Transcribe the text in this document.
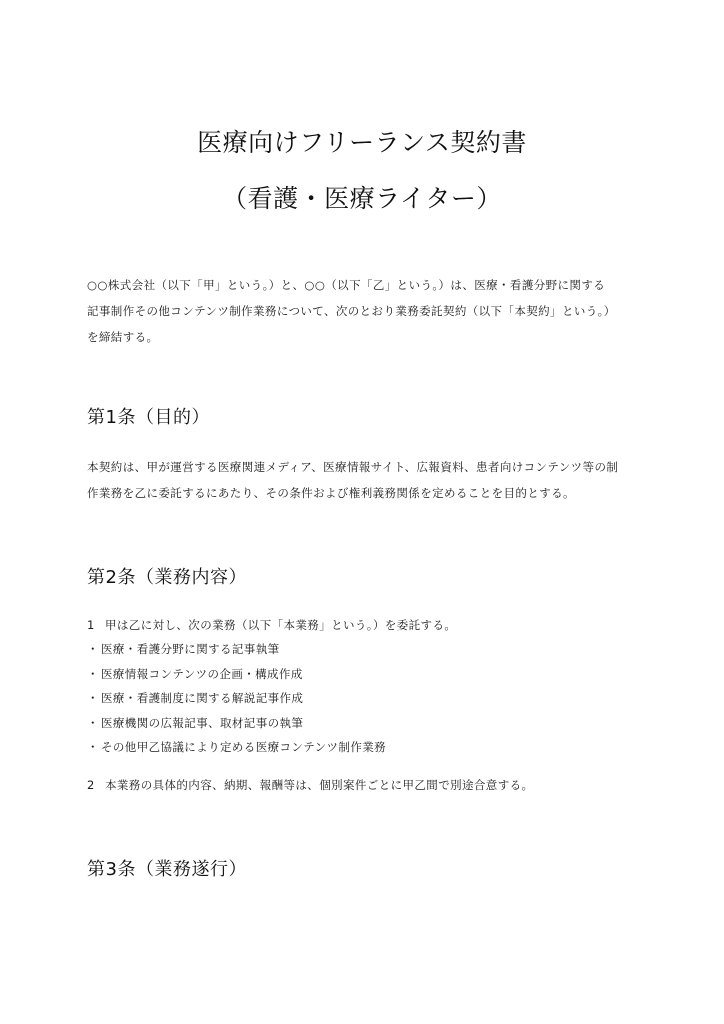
医療向けフリーランス契約書
（看護・医療ライター）
○○株式会社（以下「甲」という。）と、○○（以下「乙」という。）は、医療・看護分野に関する
記事制作その他コンテンツ制作業務について、次のとおり業務委託契約（以下「本契約」という。）
を締結する。
第1条（目的）
本契約は、甲が運営する医療関連メディア、医療情報サイト、広報資料、患者向けコンテンツ等の制
作業務を乙に委託するにあたり、その条件および権利義務関係を定めることを目的とする。
第2条（業務内容）
1 甲は乙に対し、次の業務（以下「本業務」という。）を委託する。
・ 医療・看護分野に関する記事執筆
・ 医療情報コンテンツの企画・構成作成
・ 医療・看護制度に関する解説記事作成
・ 医療機関の広報記事、取材記事の執筆
・ その他甲乙協議により定める医療コンテンツ制作業務
2 本業務の具体的内容、納期、報酬等は、個別案件ごとに甲乙間で別途合意する。
第3条（業務遂行）
